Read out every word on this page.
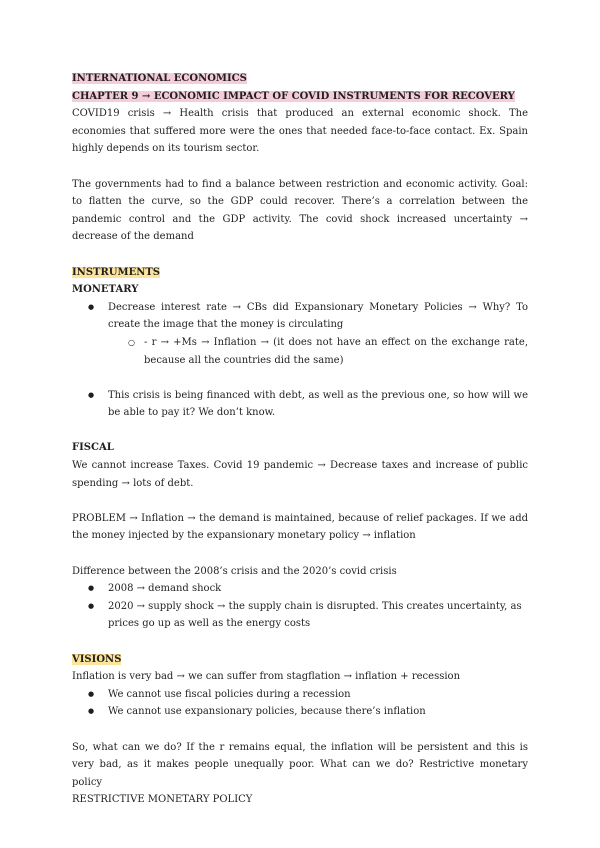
INTERNATIONAL ECONOMICS

CHAPTER 9 → ECONOMIC IMPACT OF COVID INSTRUMENTS FOR RECOVERY

COVID19 crisis → Health crisis that produced an external economic shock. The economies that suffered more were the ones that needed face-to-face contact. Ex. Spain highly depends on its tourism sector.

The governments had to find a balance between restriction and economic activity. Goal: to flatten the curve, so the GDP could recover. There’s a correlation between the pandemic control and the GDP activity. The covid shock increased uncertainty → decrease of the demand

INSTRUMENTS

MONETARY

● Decrease interest rate → CBs did Expansionary Monetary Policies → Why? To create the image that the money is circulating
○ - r → +Ms → Inflation → (it does not have an effect on the exchange rate, because all the countries did the same)
● This crisis is being financed with debt, as well as the previous one, so how will we be able to pay it? We don’t know.

FISCAL

We cannot increase Taxes. Covid 19 pandemic → Decrease taxes and increase of public spending → lots of debt.

PROBLEM → Inflation → the demand is maintained, because of relief packages. If we add the money injected by the expansionary monetary policy → inflation

Difference between the 2008’s crisis and the 2020’s covid crisis

● 2008 → demand shock
● 2020 → supply shock → the supply chain is disrupted. This creates uncertainty, as prices go up as well as the energy costs

VISIONS

Inflation is very bad → we can suffer from stagflation → inflation + recession

● We cannot use fiscal policies during a recession
● We cannot use expansionary policies, because there’s inflation

So, what can we do? If the r remains equal, the inflation will be persistent and this is very bad, as it makes people unequally poor. What can we do? Restrictive monetary policy

RESTRICTIVE MONETARY POLICY
